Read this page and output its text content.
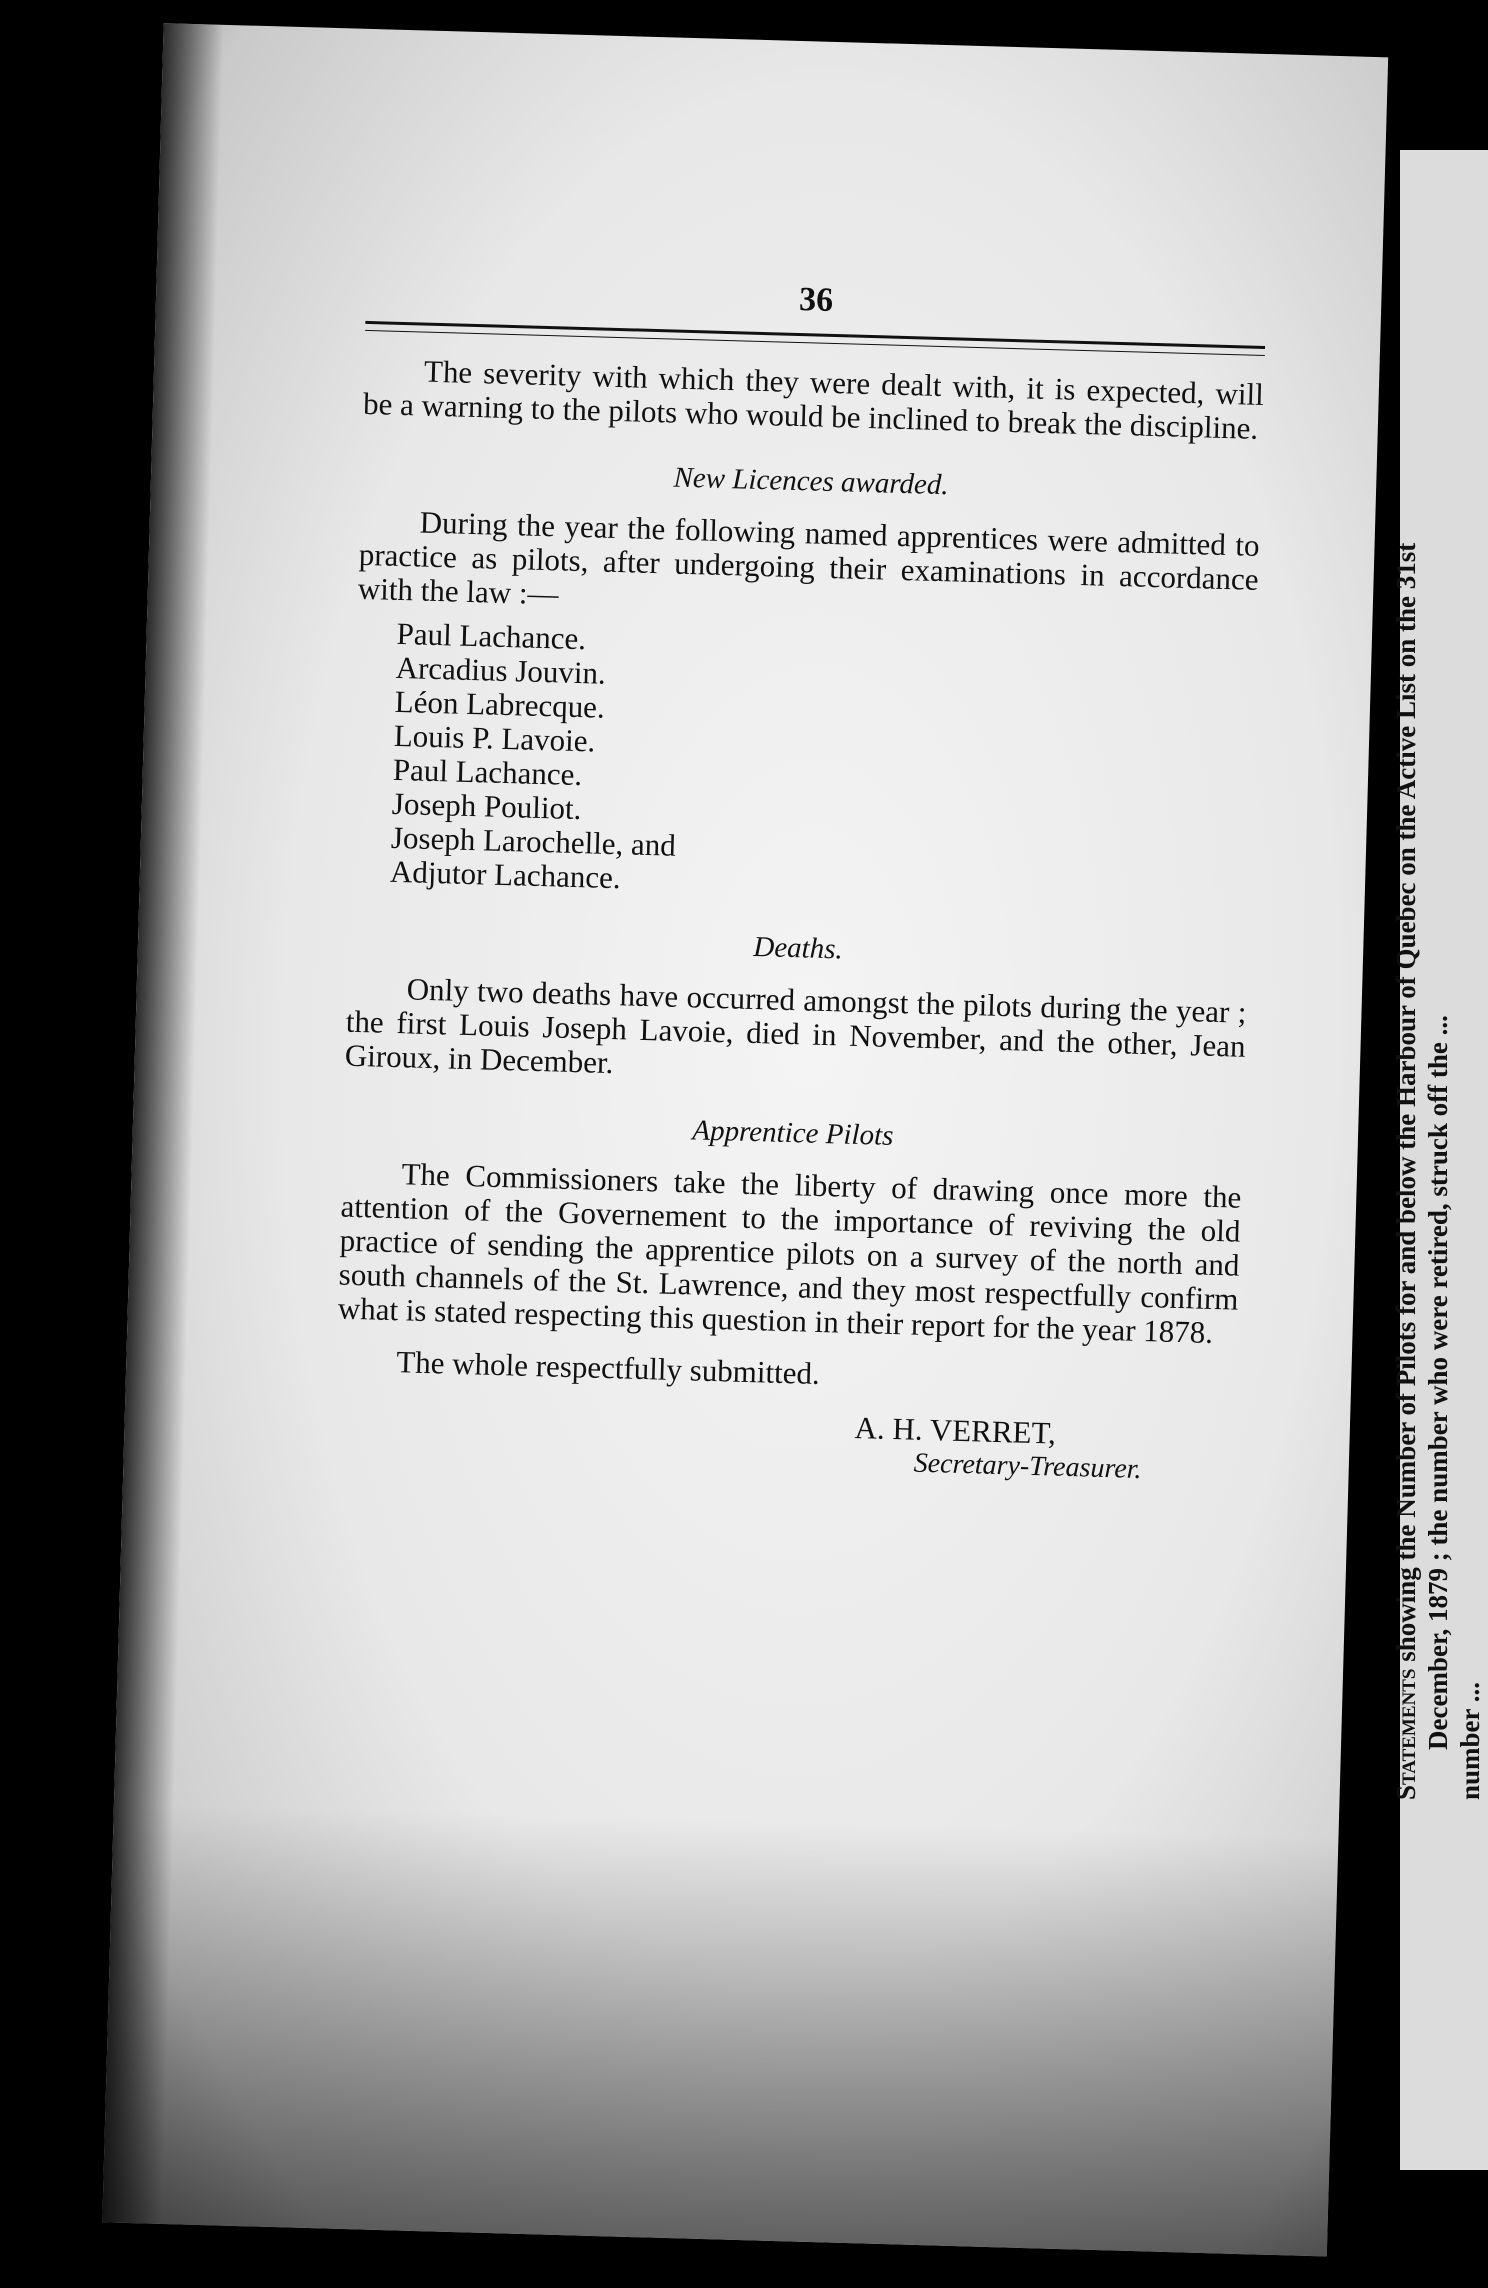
36

The severity with which they were dealt with, it is expected, will be a warning to the pilots who would be inclined to break the discipline.

New Licences awarded.

During the year the following named apprentices were admitted to practice as pilots, after undergoing their examinations in accordance with the law :—

Paul Lachance.
Arcadius Jouvin.
Léon Labrecque.
Louis P. Lavoie.
Paul Lachance.
Joseph Pouliot.
Joseph Larochelle, and
Adjutor Lachance.
Deaths.

Only two deaths have occurred amongst the pilots during the year ; the first Louis Joseph Lavoie, died in November, and the other, Jean Giroux, in December.

Apprentice Pilots

The Commissioners take the liberty of drawing once more the attention of the Governement to the importance of reviving the old practice of sending the apprentice pilots on a survey of the north and south channels of the St. Lawrence, and they most respectfully confirm what is stated respecting this question in their report for the year 1878.

The whole respectfully submitted.

A. H. VERRET,
Secretary-Treasurer.
Statements showing the Number of Pilots for and below the Harbour of Quebec on the Active List on the 31st
